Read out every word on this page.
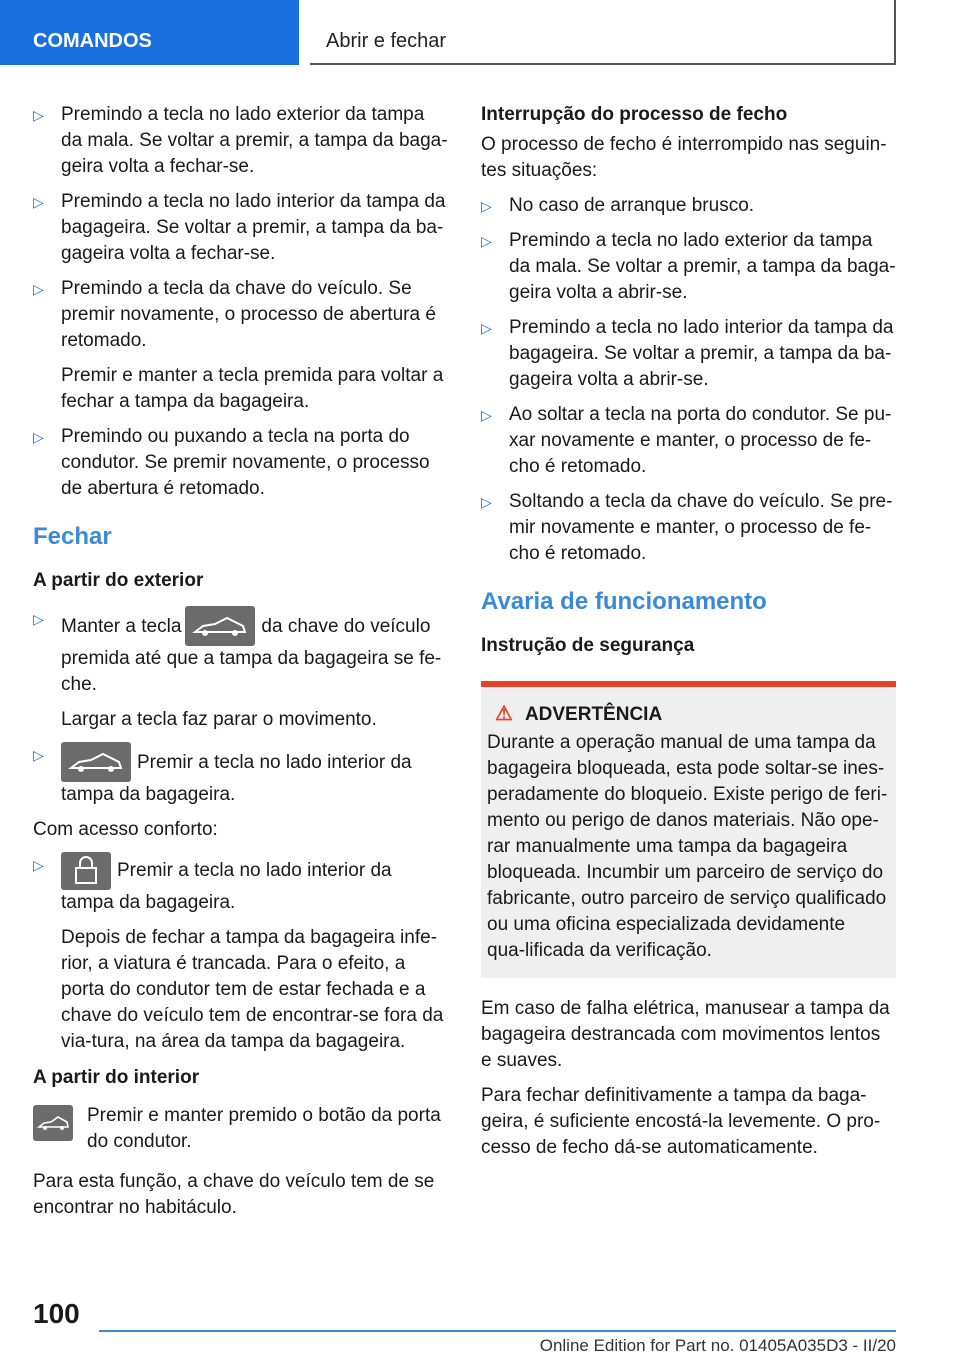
COMANDOS	Abrir e fechar
▷ Premindo a tecla no lado exterior da tampa da mala. Se voltar a premir, a tampa da baga-geira volta a fechar-se.
▷ Premindo a tecla no lado interior da tampa da bagageira. Se voltar a premir, a tampa da ba-gageira volta a fechar-se.
▷ Premindo a tecla da chave do veículo. Se premir novamente, o processo de abertura é retomado.
Premir e manter a tecla premida para voltar a fechar a tampa da bagageira.
▷ Premindo ou puxando a tecla na porta do condutor. Se premir novamente, o processo de abertura é retomado.
Fechar
A partir do exterior
▷ Manter a tecla	da chave do veículo premida até que a tampa da bagageira se fe-che.
Largar a tecla faz parar o movimento.
▷	Premir a tecla no lado interior da tampa da bagageira.

Com acesso conforto:

▷	Premir a tecla no lado interior da tampa da bagageira.
Depois de fechar a tampa da bagageira infe-rior, a viatura é trancada. Para o efeito, a porta do condutor tem de estar fechada e a chave do veículo tem de encontrar-se fora da via-tura, na área da tampa da bagageira.
A partir do interior
Premir e manter premido o botão da porta do condutor.

Para esta função, a chave do veículo tem de se encontrar no habitáculo.

Interrupção do processo de fecho

O processo de fecho é interrompido nas seguin-tes situações:

▷ No caso de arranque brusco.
▷ Premindo a tecla no lado exterior da tampa da mala. Se voltar a premir, a tampa da baga-geira volta a abrir-se.
▷ Premindo a tecla no lado interior da tampa da bagageira. Se voltar a premir, a tampa da ba-gageira volta a abrir-se.
▷ Ao soltar a tecla na porta do condutor. Se pu-xar novamente e manter, o processo de fe-cho é retomado.
▷ Soltando a tecla da chave do veículo. Se pre-mir novamente e manter, o processo de fe-cho é retomado.
Avaria de funcionamento
Instrução de segurança
⚠ ADVERTÊNCIA
Durante a operação manual de uma tampa da bagageira bloqueada, esta pode soltar-se ines-peradamente do bloqueio. Existe perigo de feri-mento ou perigo de danos materiais. Não ope-rar manualmente uma tampa da bagageira bloqueada. Incumbir um parceiro de serviço do fabricante, outro parceiro de serviço qualificado ou uma oficina especializada devidamente qua-lificada da verificação.

Em caso de falha elétrica, manusear a tampa da bagageira destrancada com movimentos lentos e suaves.

Para fechar definitivamente a tampa da baga-geira, é suficiente encostá-la levemente. O pro-cesso de fecho dá-se automaticamente.

100
Online Edition for Part no. 01405A035D3 - II/20
